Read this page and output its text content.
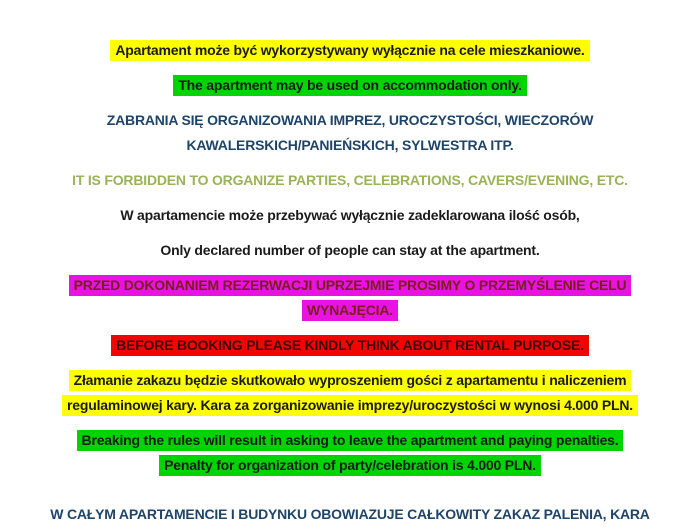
Apartament może być wykorzystywany wyłącznie na cele mieszkaniowe.

The apartment may be used on accommodation only.

ZABRANIA SIĘ ORGANIZOWANIA IMPREZ, UROCZYSTOŚCI, WIECZORÓW
KAWALERSKICH/PANIEŃSKICH, SYLWESTRA ITP.

IT IS FORBIDDEN TO ORGANIZE PARTIES, CELEBRATIONS, CAVERS/EVENING, ETC.

W apartamencie może przebywać wyłącznie zadeklarowana ilość osób,

Only declared number of people can stay at the apartment.

PRZED DOKONANIEM REZERWACJI UPRZEJMIE PROSIMY O PRZEMYŚLENIE CELU
WYNAJĘCIA.

BEFORE BOOKING PLEASE KINDLY THINK ABOUT RENTAL PURPOSE.

Złamanie zakazu będzie skutkowało wyproszeniem gości z apartamentu i naliczeniem
regulaminowej kary. Kara za zorganizowanie imprezy/uroczystości w wynosi 4.000 PLN.

Breaking the rules will result in asking to leave the apartment and paying penalties.
Penalty for organization of party/celebration is 4.000 PLN.

W CAŁYM APARTAMENCIE I BUDYNKU OBOWIAZUJE CAŁKOWITY ZAKAZ PALENIA, KARA
